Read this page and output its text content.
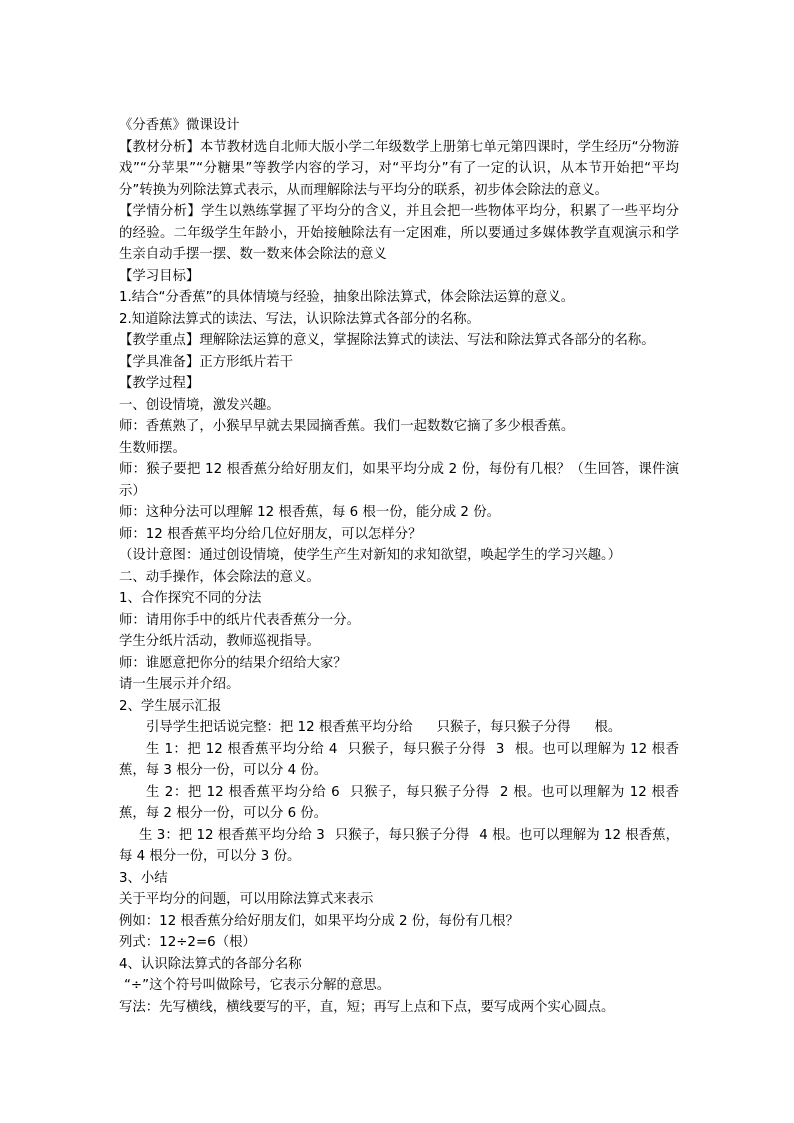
《分香蕉》微课设计

【教材分析】本节教材选自北师大版小学二年级数学上册第七单元第四课时，学生经历“分物游戏”“分苹果”“分糖果”等教学内容的学习，对“平均分”有了一定的认识，从本节开始把“平均分”转换为列除法算式表示，从而理解除法与平均分的联系，初步体会除法的意义。

【学情分析】学生以熟练掌握了平均分的含义，并且会把一些物体平均分，积累了一些平均分的经验。二年级学生年龄小，开始接触除法有一定困难，所以要通过多媒体教学直观演示和学生亲自动手摆一摆、数一数来体会除法的意义

【学习目标】

1.结合“分香蕉”的具体情境与经验，抽象出除法算式，体会除法运算的意义。

2.知道除法算式的读法、写法，认识除法算式各部分的名称。

【教学重点】理解除法运算的意义，掌握除法算式的读法、写法和除法算式各部分的名称。

【学具准备】正方形纸片若干

【教学过程】

一、创设情境，激发兴趣。

师：香蕉熟了，小猴早早就去果园摘香蕉。我们一起数数它摘了多少根香蕉。

生数师摆。

师：猴子要把 12 根香蕉分给好朋友们，如果平均分成 2 份，每份有几根？（生回答，课件演示）

师：这种分法可以理解 12 根香蕉，每 6 根一份，能分成 2 份。

师：12 根香蕉平均分给几位好朋友，可以怎样分？

（设计意图：通过创设情境，使学生产生对新知的求知欲望，唤起学生的学习兴趣。）

二、动手操作，体会除法的意义。

1、合作探究不同的分法

师：请用你手中的纸片代表香蕉分一分。

学生分纸片活动，教师巡视指导。

师：谁愿意把你分的结果介绍给大家？

请一生展示并介绍。

2、学生展示汇报

引导学生把话说完整：把 12 根香蕉平均分给 只猴子，每只猴子分得 根。

生 1：把 12 根香蕉平均分给 4 只猴子，每只猴子分得 3 根。也可以理解为 12 根香蕉，每 3 根分一份，可以分 4 份。

生 2：把 12 根香蕉平均分给 6 只猴子，每只猴子分得 2 根。也可以理解为 12 根香蕉，每 2 根分一份，可以分 6 份。

生 3：把 12 根香蕉平均分给 3 只猴子，每只猴子分得 4 根。也可以理解为 12 根香蕉，每 4 根分一份，可以分 3 份。

3、小结

关于平均分的问题，可以用除法算式来表示

例如：12 根香蕉分给好朋友们，如果平均分成 2 份，每份有几根？

列式：12÷2=6（根）

4、认识除法算式的各部分名称

“÷”这个符号叫做除号，它表示分解的意思。

写法：先写横线，横线要写的平，直，短；再写上点和下点，要写成两个实心圆点。
